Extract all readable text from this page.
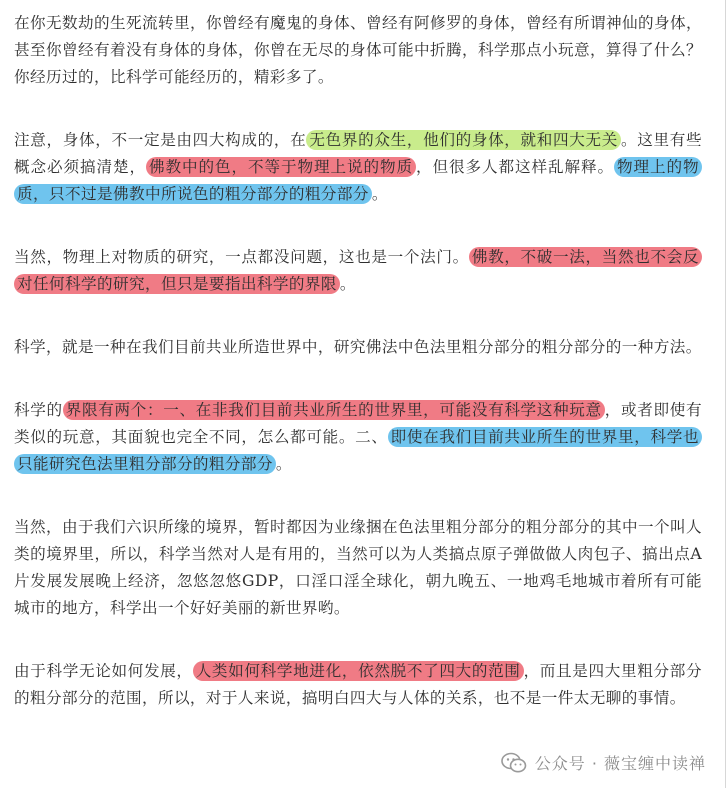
在你无数劫的生死流转里，你曾经有魔鬼的身体、曾经有阿修罗的身体，曾经有所谓神仙的身体，甚至你曾经有着没有身体的身体，你曾在无尽的身体可能中折腾，科学那点小玩意，算得了什么？你经历过的，比科学可能经历的，精彩多了。

注意，身体，不一定是由四大构成的，在 无色界的众生，他们的身体，就和四大无关 。这里有些概念必须搞清楚， 佛教中的色，不等于物理上说的物质 ，但很多人都这样乱解释。 物理上的物质，只不过是佛教中所说色的粗分部分的粗分部分 。

当然，物理上对物质的研究，一点都没问题，这也是一个法门。 佛教，不破一法，当然也不会反对任何科学的研究，但只是要指出科学的界限 。

科学，就是一种在我们目前共业所造世界中，研究佛法中色法里粗分部分的粗分部分的一种方法。

科学的 界限有两个：一、在非我们目前共业所生的世界里，可能没有科学这种玩意 ，或者即使有类似的玩意，其面貌也完全不同，怎么都可能。二、 即使在我们目前共业所生的世界里，科学也只能研究色法里粗分部分的粗分部分 。

当然，由于我们六识所缘的境界，暂时都因为业缘捆在色法里粗分部分的粗分部分的其中一个叫人类的境界里，所以，科学当然对人是有用的，当然可以为人类搞点原子弹做做人肉包子、搞出点A片发展发展晚上经济，忽悠忽悠GDP，口淫口淫全球化，朝九晚五、一地鸡毛地城市着所有可能城市的地方，科学出一个好好美丽的新世界哟。

由于科学无论如何发展， 人类如何科学地进化，依然脱不了四大的范围 ，而且是四大里粗分部分的粗分部分的范围，所以，对于人来说，搞明白四大与人体的关系，也不是一件太无聊的事情。

公众号 · 薇宝缠中读禅
